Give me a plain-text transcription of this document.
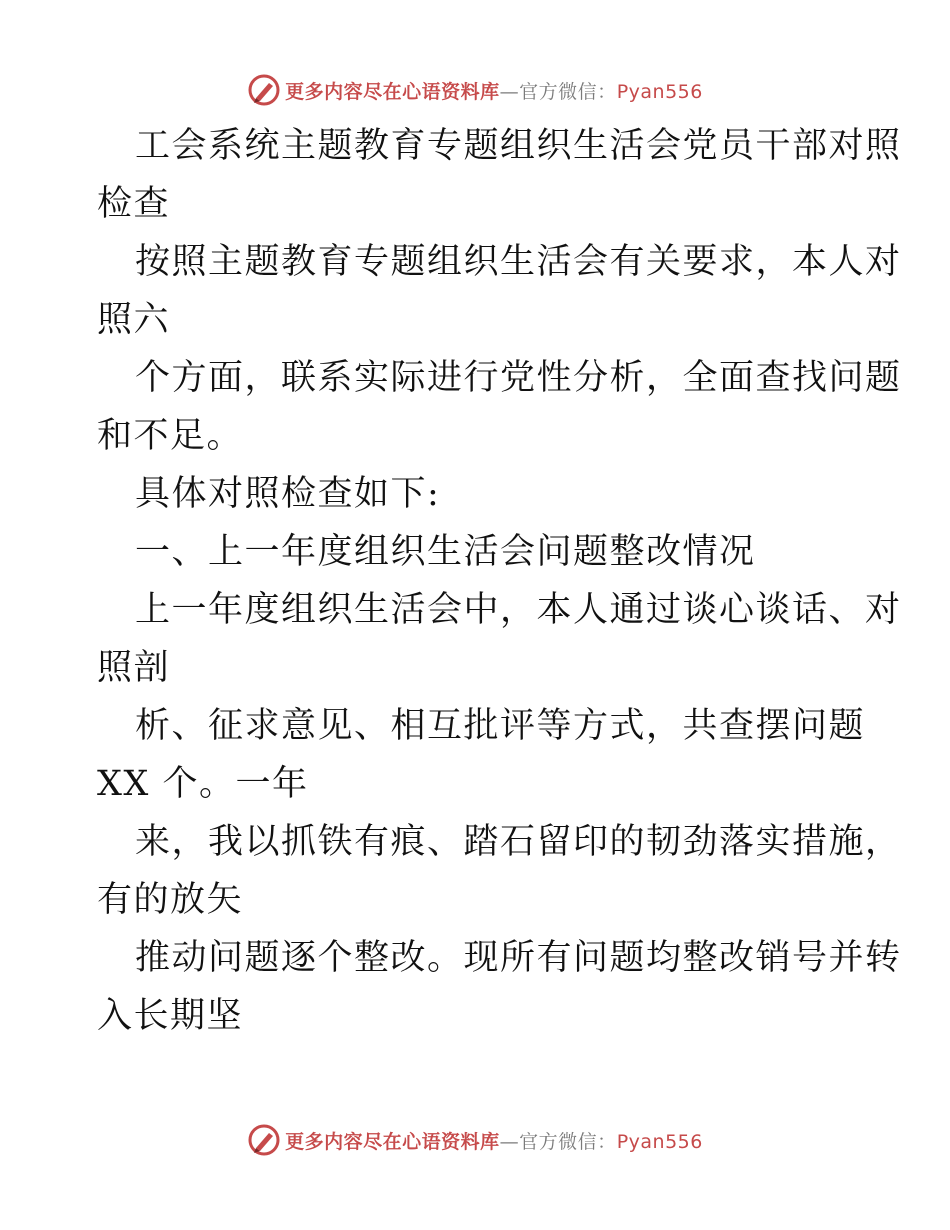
更多内容尽在心语资料库—官方微信：Pyan556
工会系统主题教育专题组织生活会党员干部对照
检查
按照主题教育专题组织生活会有关要求，本人对
照六
个方面，联系实际进行党性分析，全面查找问题
和不足。
具体对照检查如下:
一、上一年度组织生活会问题整改情况
上一年度组织生活会中，本人通过谈心谈话、对
照剖
析、征求意见、相互批评等方式，共查摆问题
XX 个。一年
来，我以抓铁有痕、踏石留印的韧劲落实措施，
有的放矢
推动问题逐个整改。现所有问题均整改销号并转
入长期坚
更多内容尽在心语资料库—官方微信：Pyan556
